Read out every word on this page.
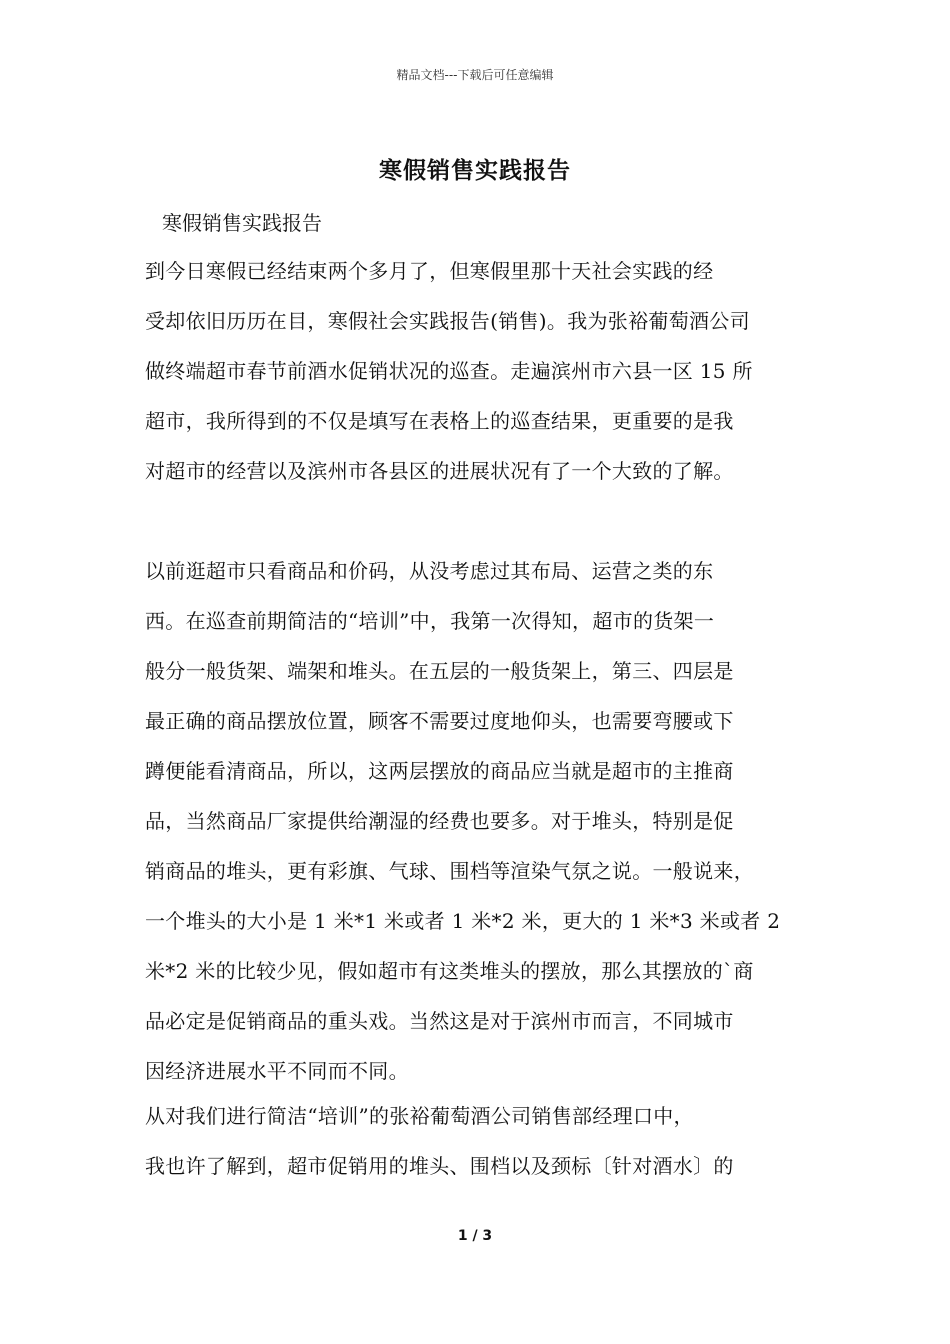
精品文档---下载后可任意编辑
寒假销售实践报告

寒假销售实践报告

到今日寒假已经结束两个多月了，但寒假里那十天社会实践的经
受却依旧历历在目，寒假社会实践报告(销售)。我为张裕葡萄酒公司
做终端超市春节前酒水促销状况的巡查。走遍滨州市六县一区 15 所
超市，我所得到的不仅是填写在表格上的巡查结果，更重要的是我
对超市的经营以及滨州市各县区的进展状况有了一个大致的了解。
以前逛超市只看商品和价码，从没考虑过其布局、运营之类的东
西。在巡查前期简洁的“培训”中，我第一次得知，超市的货架一
般分一般货架、端架和堆头。在五层的一般货架上，第三、四层是
最正确的商品摆放位置，顾客不需要过度地仰头，也需要弯腰或下
蹲便能看清商品，所以，这两层摆放的商品应当就是超市的主推商
品，当然商品厂家提供给潮湿的经费也要多。对于堆头，特别是促
销商品的堆头，更有彩旗、气球、围档等渲染气氛之说。一般说来，
一个堆头的大小是 1 米*1 米或者 1 米*2 米，更大的 1 米*3 米或者 2
米*2 米的比较少见，假如超市有这类堆头的摆放，那么其摆放的`商
品必定是促销商品的重头戏。当然这是对于滨州市而言，不同城市
因经济进展水平不同而不同。
从对我们进行简洁“培训”的张裕葡萄酒公司销售部经理口中，
我也许了解到，超市促销用的堆头、围档以及颈标〔针对酒水〕的
1 / 3
